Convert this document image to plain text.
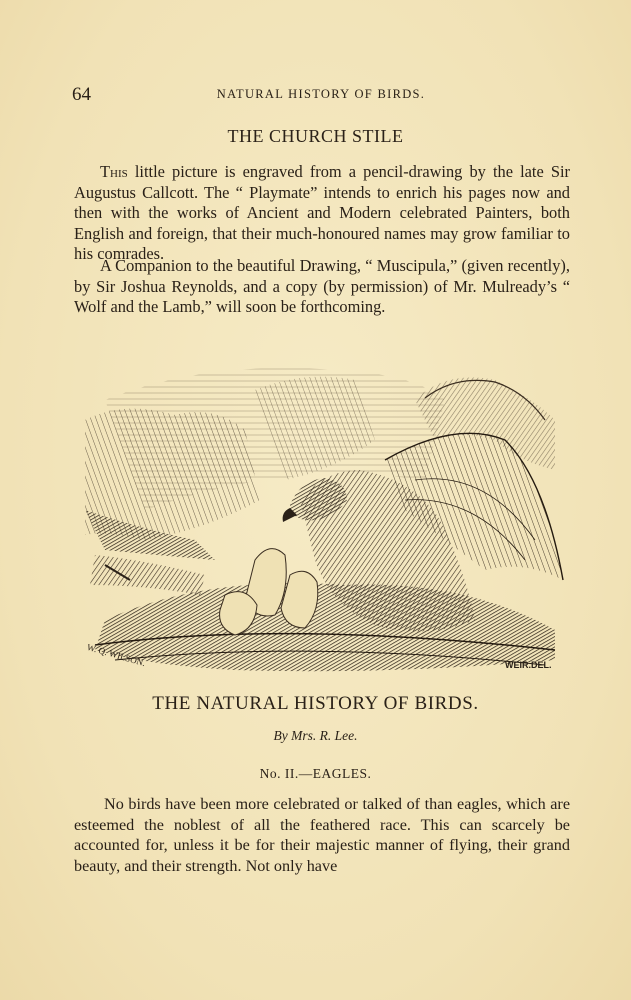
64	NATURAL HISTORY OF BIRDS.
THE CHURCH STILE

This little picture is engraved from a pencil-drawing by the late Sir Augustus Callcott. The “ Playmate” intends to enrich his pages now and then with the works of Ancient and Modern celebrated Painters, both English and foreign, that their much-honoured names may grow familiar to his comrades.

A Companion to the beautiful Drawing, “ Muscipula,” (given recently), by Sir Joshua Reynolds, and a copy (by permission) of Mr. Mulready’s “ Wolf and the Lamb,” will soon be forthcoming.

W. Q. WILSON.	WEIR.DEL.
THE NATURAL HISTORY OF BIRDS.
By Mrs. R. Lee.
No. II.—EAGLES.

No birds have been more celebrated or talked of than eagles, which are esteemed the noblest of all the feathered race. This can scarcely be accounted for, unless it be for their majestic manner of flying, their grand beauty, and their strength. Not only have
